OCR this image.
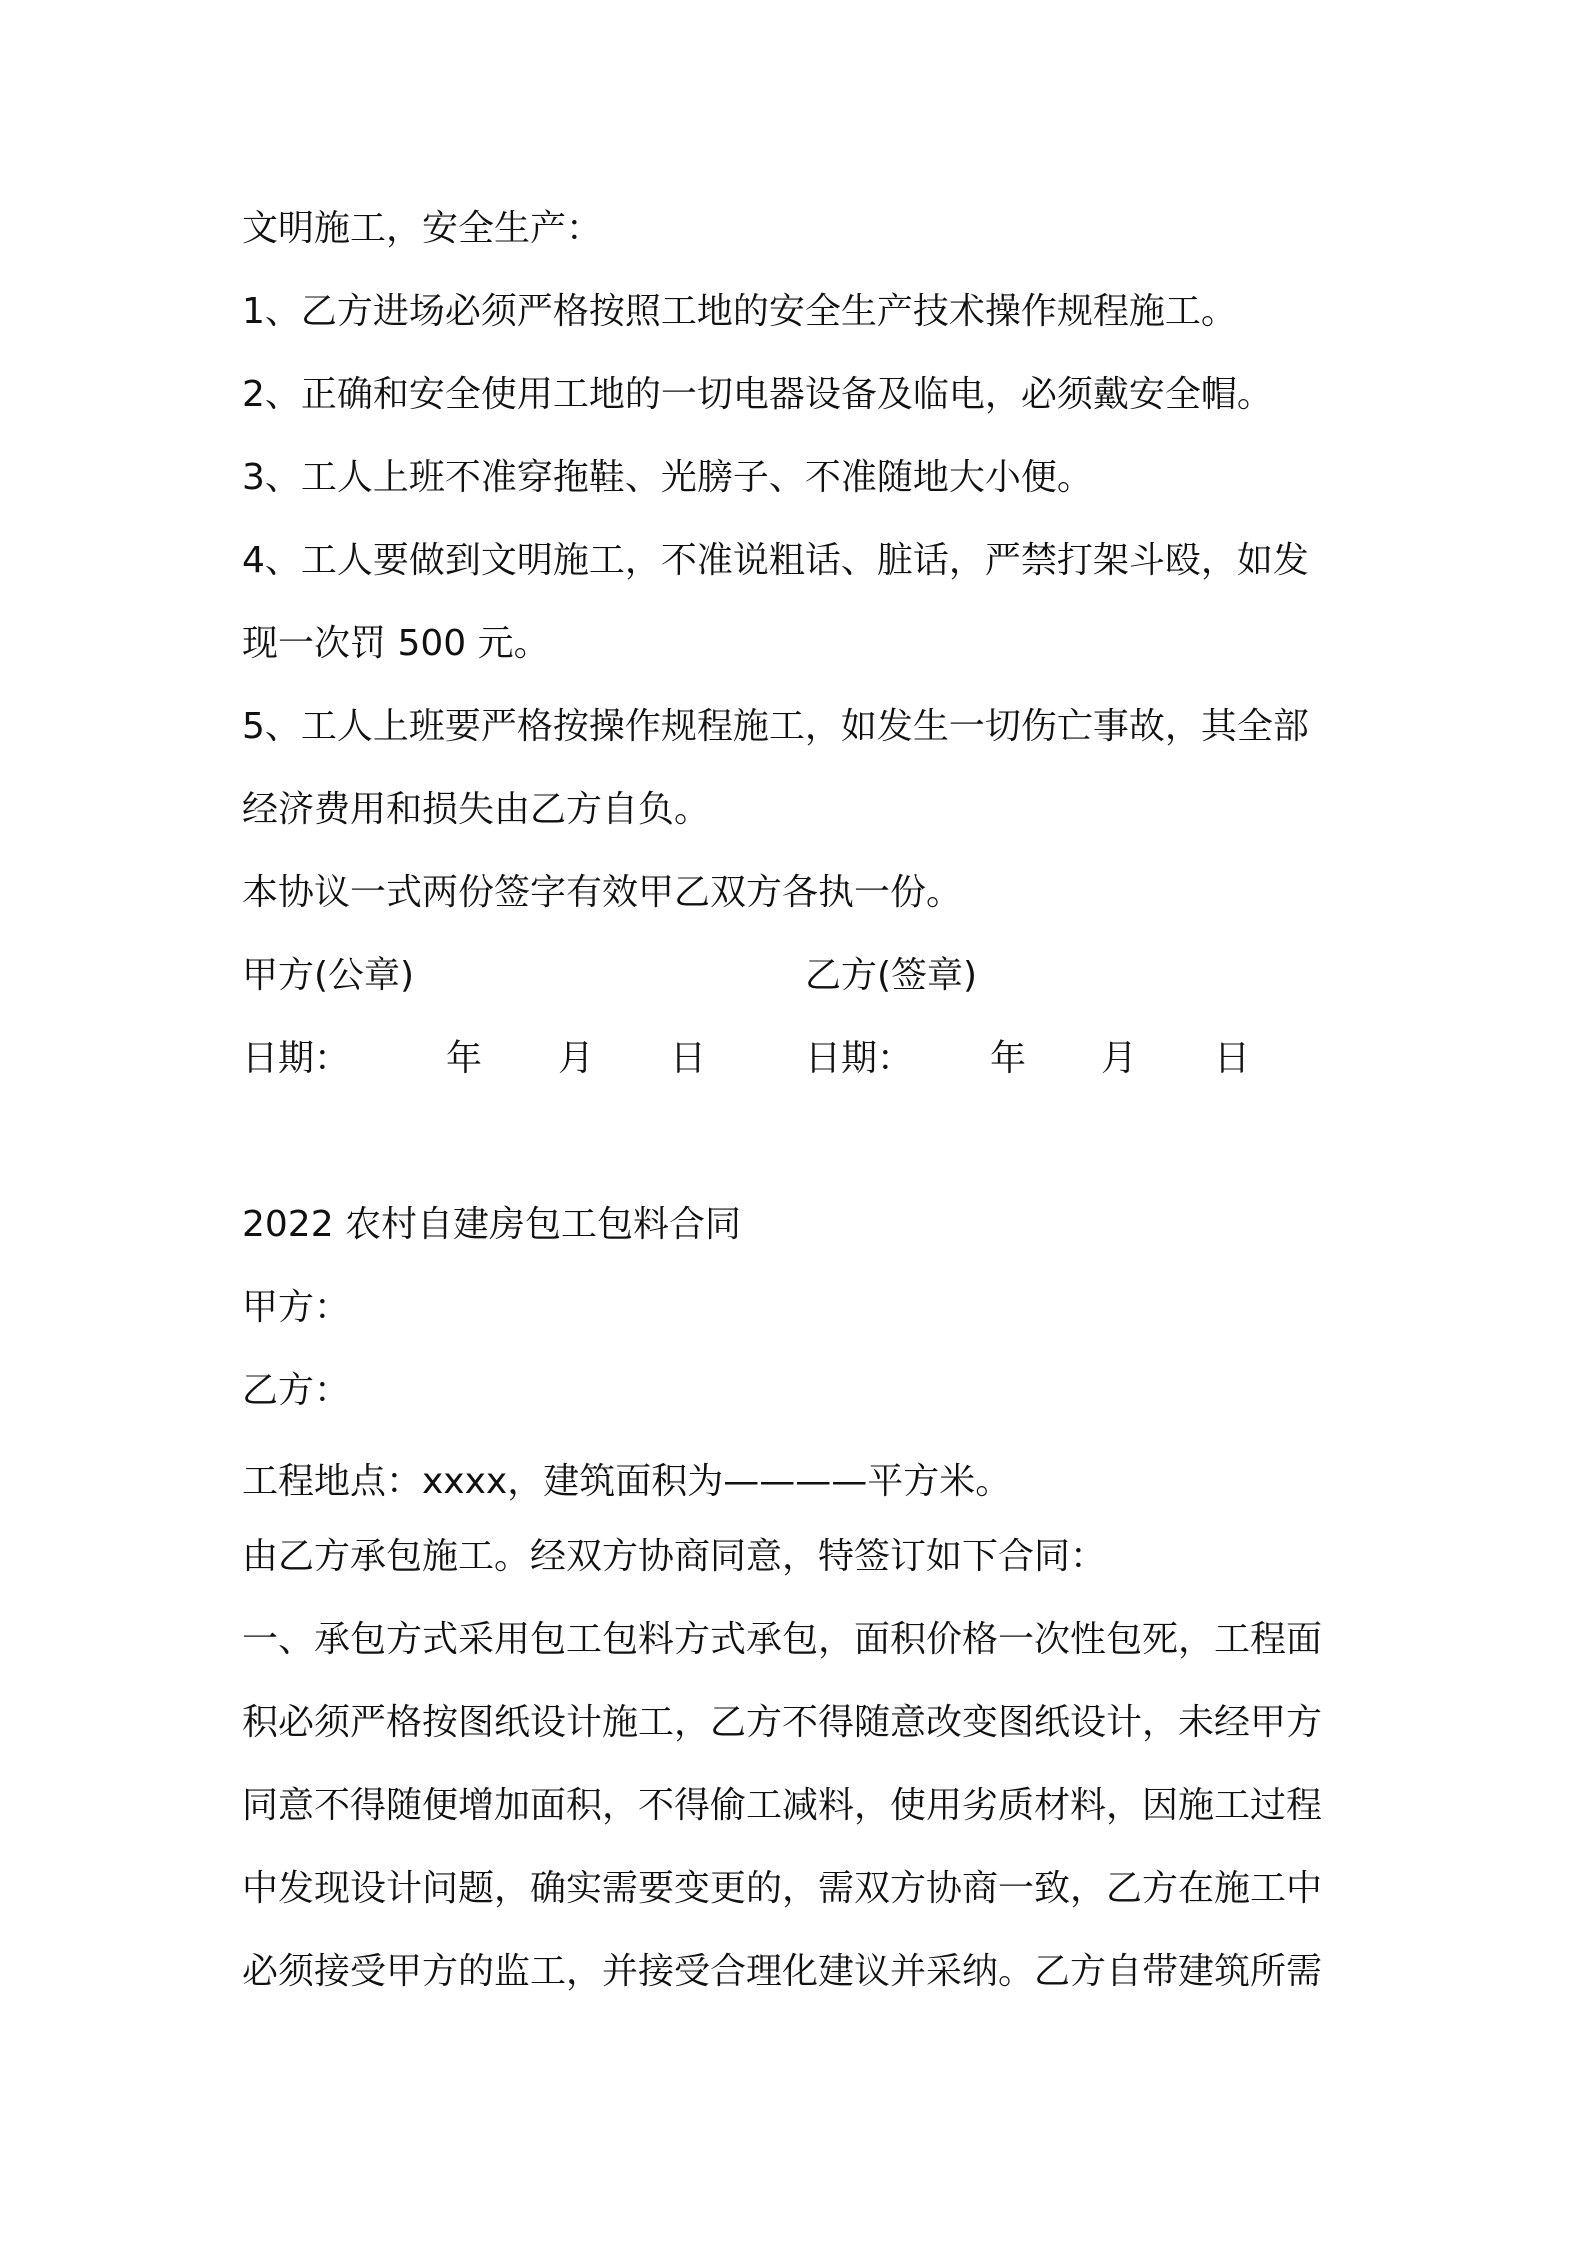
文明施工，安全生产：
1、乙方进场必须严格按照工地的安全生产技术操作规程施工。
2、正确和安全使用工地的一切电器设备及临电，必须戴安全帽。
3、工人上班不准穿拖鞋、光膀子、不准随地大小便。
4、工人要做到文明施工，不准说粗话、脏话，严禁打架斗殴，如发
现一次罚 500 元。
5、工人上班要严格按操作规程施工，如发生一切伤亡事故，其全部
经济费用和损失由乙方自负。
本协议一式两份签字有效甲乙双方各执一份。
甲方(公章)	乙方(签章)
日期：	年 月 日	日期： 年 月 日
2022 农村自建房包工包料合同
甲方：
乙方：
工程地点：xxxx，建筑面积为————平方米。
由乙方承包施工。经双方协商同意，特签订如下合同：
一、承包方式采用包工包料方式承包，面积价格一次性包死，工程面
积必须严格按图纸设计施工，乙方不得随意改变图纸设计，未经甲方
同意不得随便增加面积，不得偷工减料，使用劣质材料，因施工过程
中发现设计问题，确实需要变更的，需双方协商一致，乙方在施工中
必须接受甲方的监工，并接受合理化建议并采纳。乙方自带建筑所需
